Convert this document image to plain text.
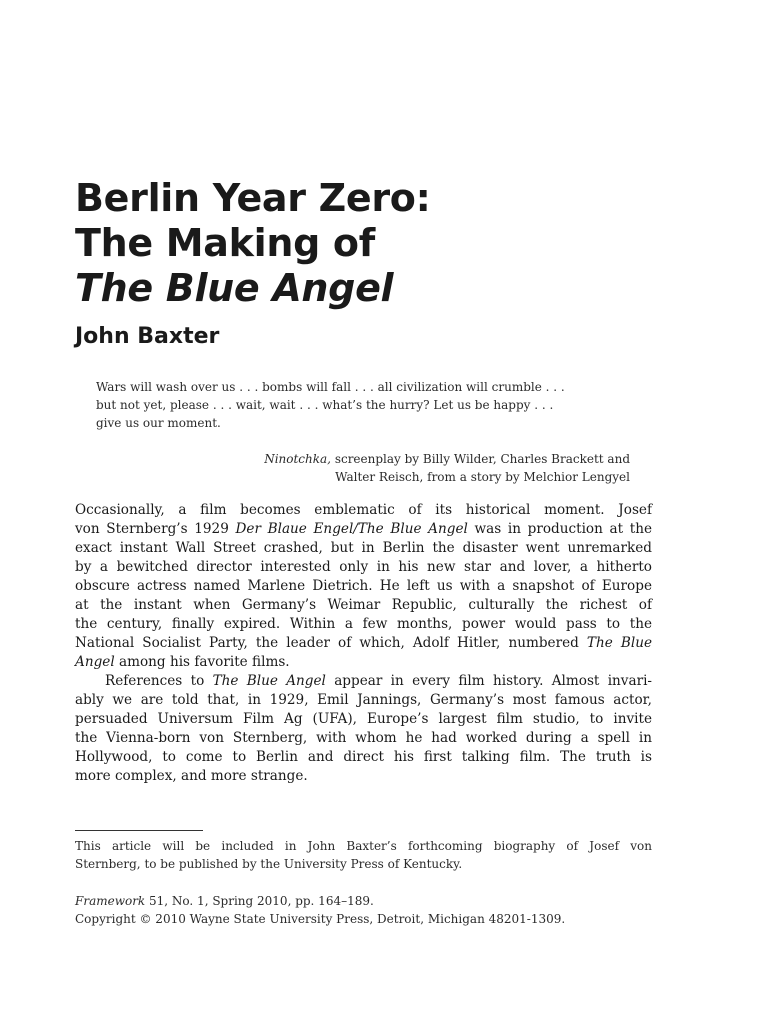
Berlin Year Zero:
The Making of
The Blue Angel
John Baxter
Wars will wash over us . . . bombs will fall . . . all civilization will crumble . . .
but not yet, please . . . wait, wait . . . what’s the hurry? Let us be happy . . .
give us our moment.
Ninotchka, screenplay by Billy Wilder, Charles Brackett and
Walter Reisch, from a story by Melchior Lengyel
Occasionally, a film becomes emblematic of its historical moment. Josef
von Sternberg’s 1929 Der Blaue Engel/The Blue Angel was in production at the
exact instant Wall Street crashed, but in Berlin the disaster went unremarked
by a bewitched director interested only in his new star and lover, a hitherto
obscure actress named Marlene Dietrich. He left us with a snapshot of Europe
at the instant when Germany’s Weimar Republic, culturally the richest of
the century, finally expired. Within a few months, power would pass to the
National Socialist Party, the leader of which, Adolf Hitler, numbered The Blue
Angel among his favorite films.
References to The Blue Angel appear in every film history. Almost invari-
ably we are told that, in 1929, Emil Jannings, Germany’s most famous actor,
persuaded Universum Film Ag (UFA), Europe’s largest film studio, to invite
the Vienna-born von Sternberg, with whom he had worked during a spell in
Hollywood, to come to Berlin and direct his first talking film. The truth is
more complex, and more strange.
This article will be included in John Baxter’s forthcoming biography of Josef von
Sternberg, to be published by the University Press of Kentucky.
Framework 51, No. 1, Spring 2010, pp. 164–189.
Copyright © 2010 Wayne State University Press, Detroit, Michigan 48201-1309.
